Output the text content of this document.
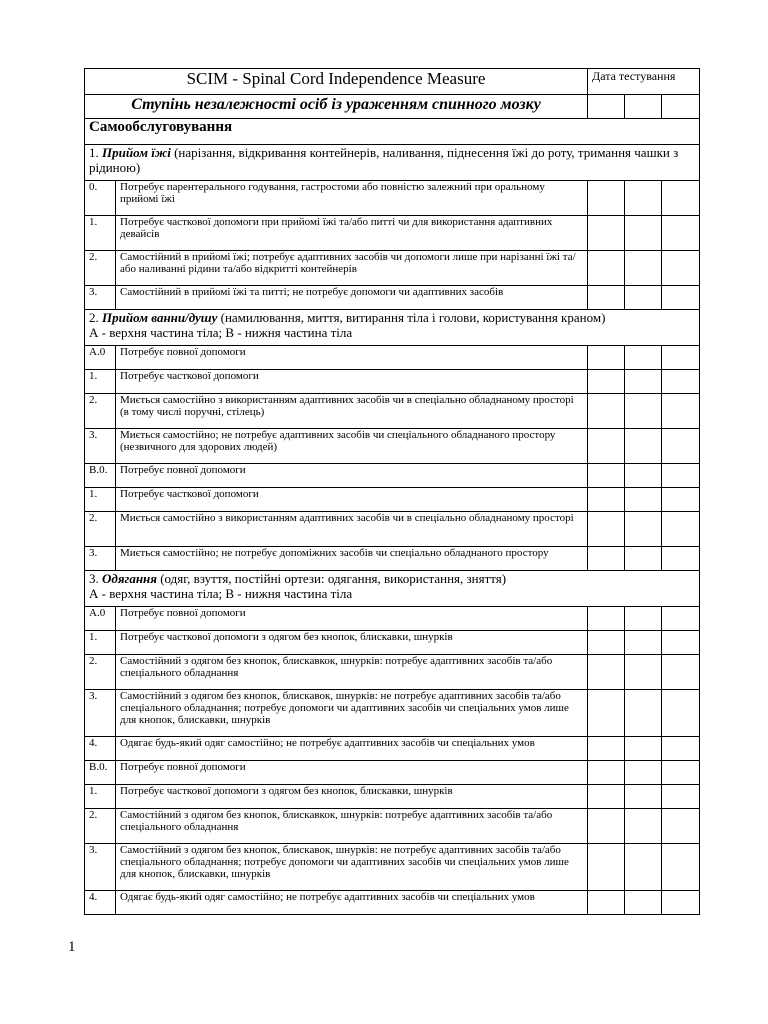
SCIM - Spinal Cord Independence Measure		Дата тестування		
Ступінь незалежності осіб із ураженням спинного мозку				
Самообслуговування				
1. Прийом їжі (нарізання, відкривання контейнерів, наливання, піднесення їжі до роту, тримання чашки з рідиною)				
0.	Потребує парентерального годування, гастростоми або повністю залежний при оральному прийомі їжі			
1.	Потребує часткової допомоги при прийомі їжі та/або питті чи для використання адаптивних девайсів			
2.	Самостійний в прийомі їжі; потребує адаптивних засобів чи допомоги лише при нарізанні їжі та/або наливанні рідини та/або відкритті контейнерів			
3.	Самостійний в прийомі їжі та питті; не потребує допомоги чи адаптивних засобів			
2. Прийом ванни/душу (намилювання, миття, витирання тіла і голови, користування краном)
А - верхня частина тіла; В - нижня частина тіла				
A.0	Потребує повної допомоги			
1.	Потребує часткової допомоги			
2.	Миється самостійно з використанням адаптивних засобів чи в спеціально обладнаному просторі (в тому числі поручні, стілець)			
3.	Миється самостійно; не потребує адаптивних засобів чи спеціального обладнаного простору (незвичного для здорових людей)			
B.0.	Потребує повної допомоги			
1.	Потребує часткової допомоги			
2.	Миється самостійно з використанням адаптивних засобів чи в спеціально обладнаному просторі			
3.	Миється самостійно; не потребує допоміжних засобів чи спеціально обладнаного простору			
3. Одягання (одяг, взуття, постійні ортези: одягання, використання, зняття)
А - верхня частина тіла; В - нижня частина тіла				
A.0	Потребує повної допомоги			
1.	Потребує часткової допомоги з одягом без кнопок, блискавки, шнурків			
2.	Самостійний з одягом без кнопок, блискавкок, шнурків: потребує адаптивних засобів та/або спеціального обладнання			
3.	Самостійний з одягом без кнопок, блискавок, шнурків: не потребує адаптивних засобів та/або спеціального обладнання; потребує допомоги чи адаптивних засобів чи спеціальних умов лише для кнопок, блискавки, шнурків			
4.	Одягає будь-який одяг самостійно; не потребує адаптивних засобів чи спеціальних умов			
B.0.	Потребує повної допомоги			
1.	Потребує часткової допомоги з одягом без кнопок, блискавки, шнурків			
2.	Самостійний з одягом без кнопок, блискавкок, шнурків: потребує адаптивних засобів та/або спеціального обладнання			
3.	Самостійний з одягом без кнопок, блискавок, шнурків: не потребує адаптивних засобів та/або спеціального обладнання; потребує допомоги чи адаптивних засобів чи спеціальних умов лише для кнопок, блискавки, шнурків			
4.	Одягає будь-який одяг самостійно; не потребує адаптивних засобів чи спеціальних умов			
1
